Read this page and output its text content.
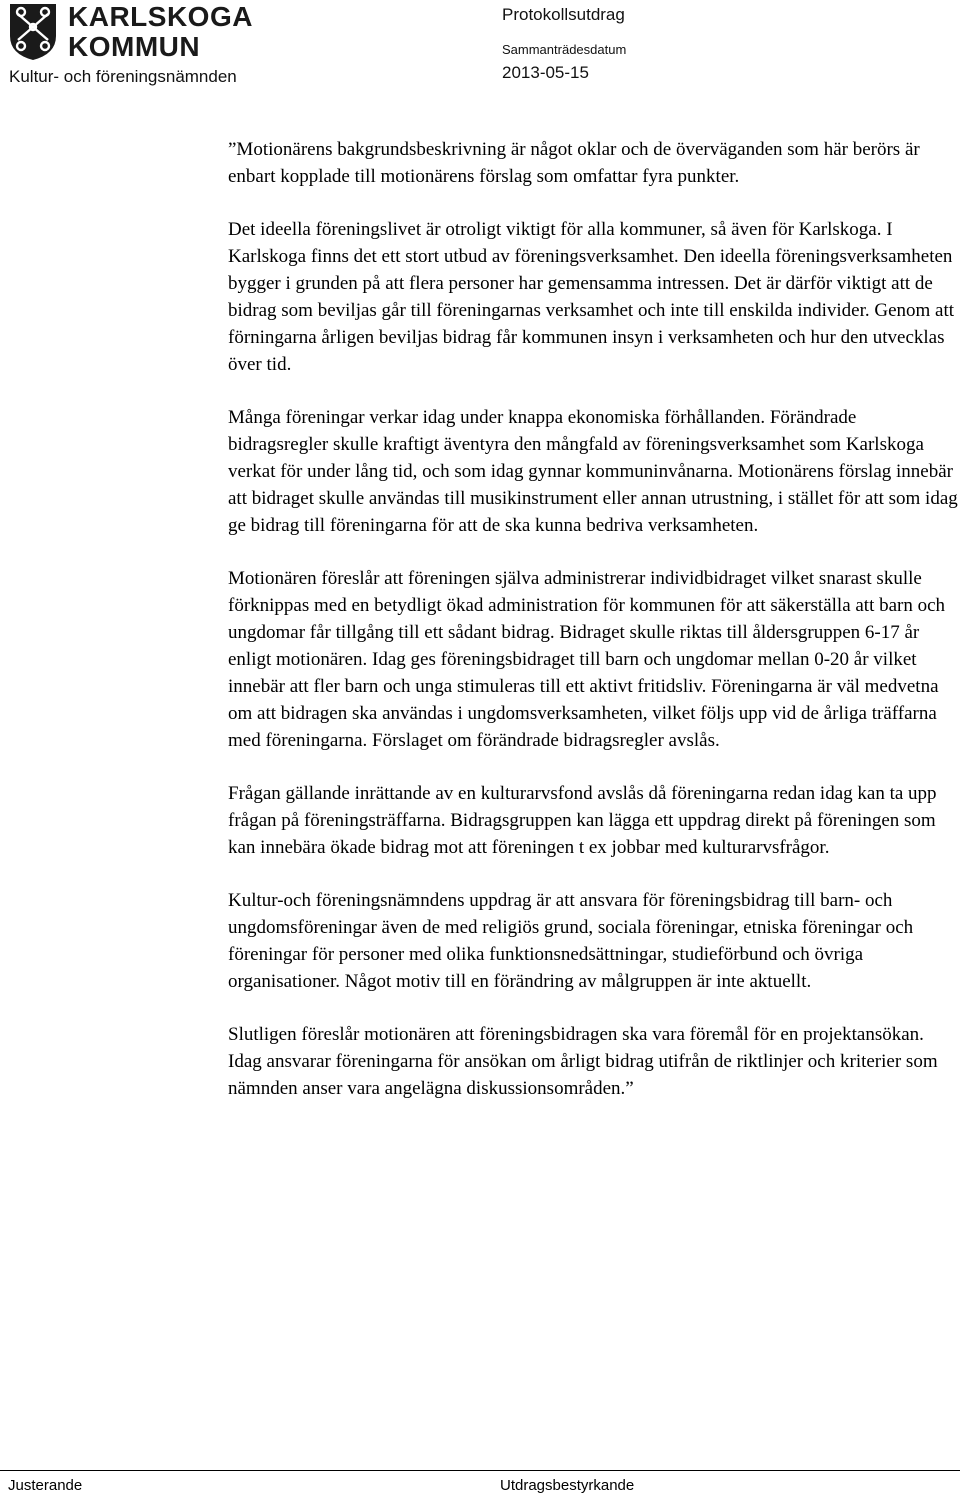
KARLSKOGA
KOMMUN
Kultur- och föreningsnämnden
Protokollsutdrag
Sammanträdesdatum
2013-05-15

”Motionärens bakgrundsbeskrivning är något oklar och de överväganden som här berörs är enbart kopplade till motionärens förslag som omfattar fyra punkter.

Det ideella föreningslivet är otroligt viktigt för alla kommuner, så även för Karlskoga. I Karlskoga finns det ett stort utbud av föreningsverksamhet. Den ideella föreningsverksamheten bygger i grunden på att flera personer har gemensamma intressen. Det är därför viktigt att de bidrag som beviljas går till föreningarnas verksamhet och inte till enskilda individer. Genom att förningarna årligen beviljas bidrag får kommunen insyn i verksamheten och hur den utvecklas över tid.

Många föreningar verkar idag under knappa ekonomiska förhållanden. Förändrade bidragsregler skulle kraftigt äventyra den mångfald av föreningsverksamhet som Karlskoga verkat för under lång tid, och som idag gynnar kommuninvånarna. Motionärens förslag innebär att bidraget skulle användas till musikinstrument eller annan utrustning, i stället för att som idag ge bidrag till föreningarna för att de ska kunna bedriva verksamheten.

Motionären föreslår att föreningen själva administrerar individbidraget vilket snarast skulle förknippas med en betydligt ökad administration för kommunen för att säkerställa att barn och ungdomar får tillgång till ett sådant bidrag. Bidraget skulle riktas till åldersgruppen 6-17 år enligt motionären. Idag ges föreningsbidraget till barn och ungdomar mellan 0-20 år vilket innebär att fler barn och unga stimuleras till ett aktivt fritidsliv. Föreningarna är väl medvetna om att bidragen ska användas i ungdomsverksamheten, vilket följs upp vid de årliga träffarna med föreningarna. Förslaget om förändrade bidragsregler avslås.

Frågan gällande inrättande av en kulturarvsfond avslås då föreningarna redan idag kan ta upp frågan på föreningsträffarna. Bidragsgruppen kan lägga ett uppdrag direkt på föreningen som kan innebära ökade bidrag mot att föreningen t ex jobbar med kulturarvsfrågor.

Kultur-och föreningsnämndens uppdrag är att ansvara för föreningsbidrag till barn- och ungdomsföreningar även de med religiös grund, sociala föreningar, etniska föreningar och föreningar för personer med olika funktionsnedsättningar, studieförbund och övriga organisationer. Något motiv till en förändring av målgruppen är inte aktuellt.

Slutligen föreslår motionären att föreningsbidragen ska vara föremål för en projektansökan. Idag ansvarar föreningarna för ansökan om årligt bidrag utifrån de riktlinjer och kriterier som nämnden anser vara angelägna diskussionsområden.”

Justerande	Utdragsbestyrkande
